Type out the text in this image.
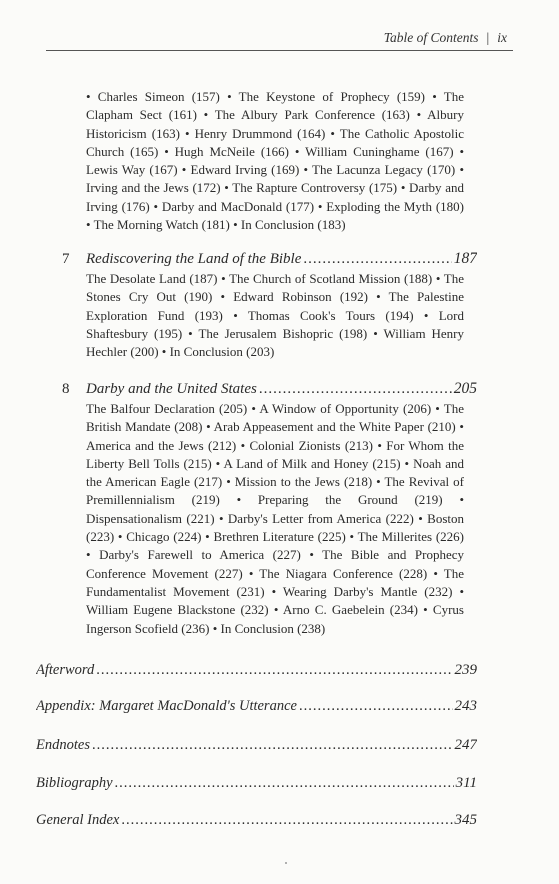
Table of Contents | ix
• Charles Simeon (157) • The Keystone of Prophecy (159) • The Clapham Sect (161) • The Albury Park Conference (163) • Albury Historicism (163) • Henry Drummond (164) • The Catholic Apostolic Church (165) • Hugh McNeile (166) • William Cuninghame (167) • Lewis Way (167) • Edward Irving (169) • The Lacunza Legacy (170) • Irving and the Jews (172) • The Rapture Controversy (175) • Darby and Irving (176) • Darby and MacDonald (177) • Exploding the Myth (180) • The Morning Watch (181) • In Conclusion (183)
7	Rediscovering the Land of the Bible .....	187
The Desolate Land (187) • The Church of Scotland Mission (188) • The Stones Cry Out (190) • Edward Robinson (192) • The Palestine Exploration Fund (193) • Thomas Cook's Tours (194) • Lord Shaftesbury (195) • The Jerusalem Bishopric (198) • William Henry Hechler (200) • In Conclusion (203)
8	Darby and the United States .....	205
The Balfour Declaration (205) • A Window of Opportunity (206) • The British Mandate (208) • Arab Appeasement and the White Paper (210) • America and the Jews (212) • Colonial Zionists (213) • For Whom the Liberty Bell Tolls (215) • A Land of Milk and Honey (215) • Noah and the American Eagle (217) • Mission to the Jews (218) • The Revival of Premillennialism (219) • Preparing the Ground (219) • Dispensationalism (221) • Darby's Letter from America (222) • Boston (223) • Chicago (224) • Brethren Literature (225) • The Millerites (226) • Darby's Farewell to America (227) • The Bible and Prophecy Conference Movement (227) • The Niagara Conference (228) • The Fundamentalist Movement (231) • Wearing Darby's Mantle (232) • William Eugene Blackstone (232) • Arno C. Gaebelein (234) • Cyrus Ingerson Scofield (236) • In Conclusion (238)
Afterword .....	239
Appendix: Margaret MacDonald's Utterance .....	243
Endnotes .....	247
Bibliography .....	311
General Index .....	345
